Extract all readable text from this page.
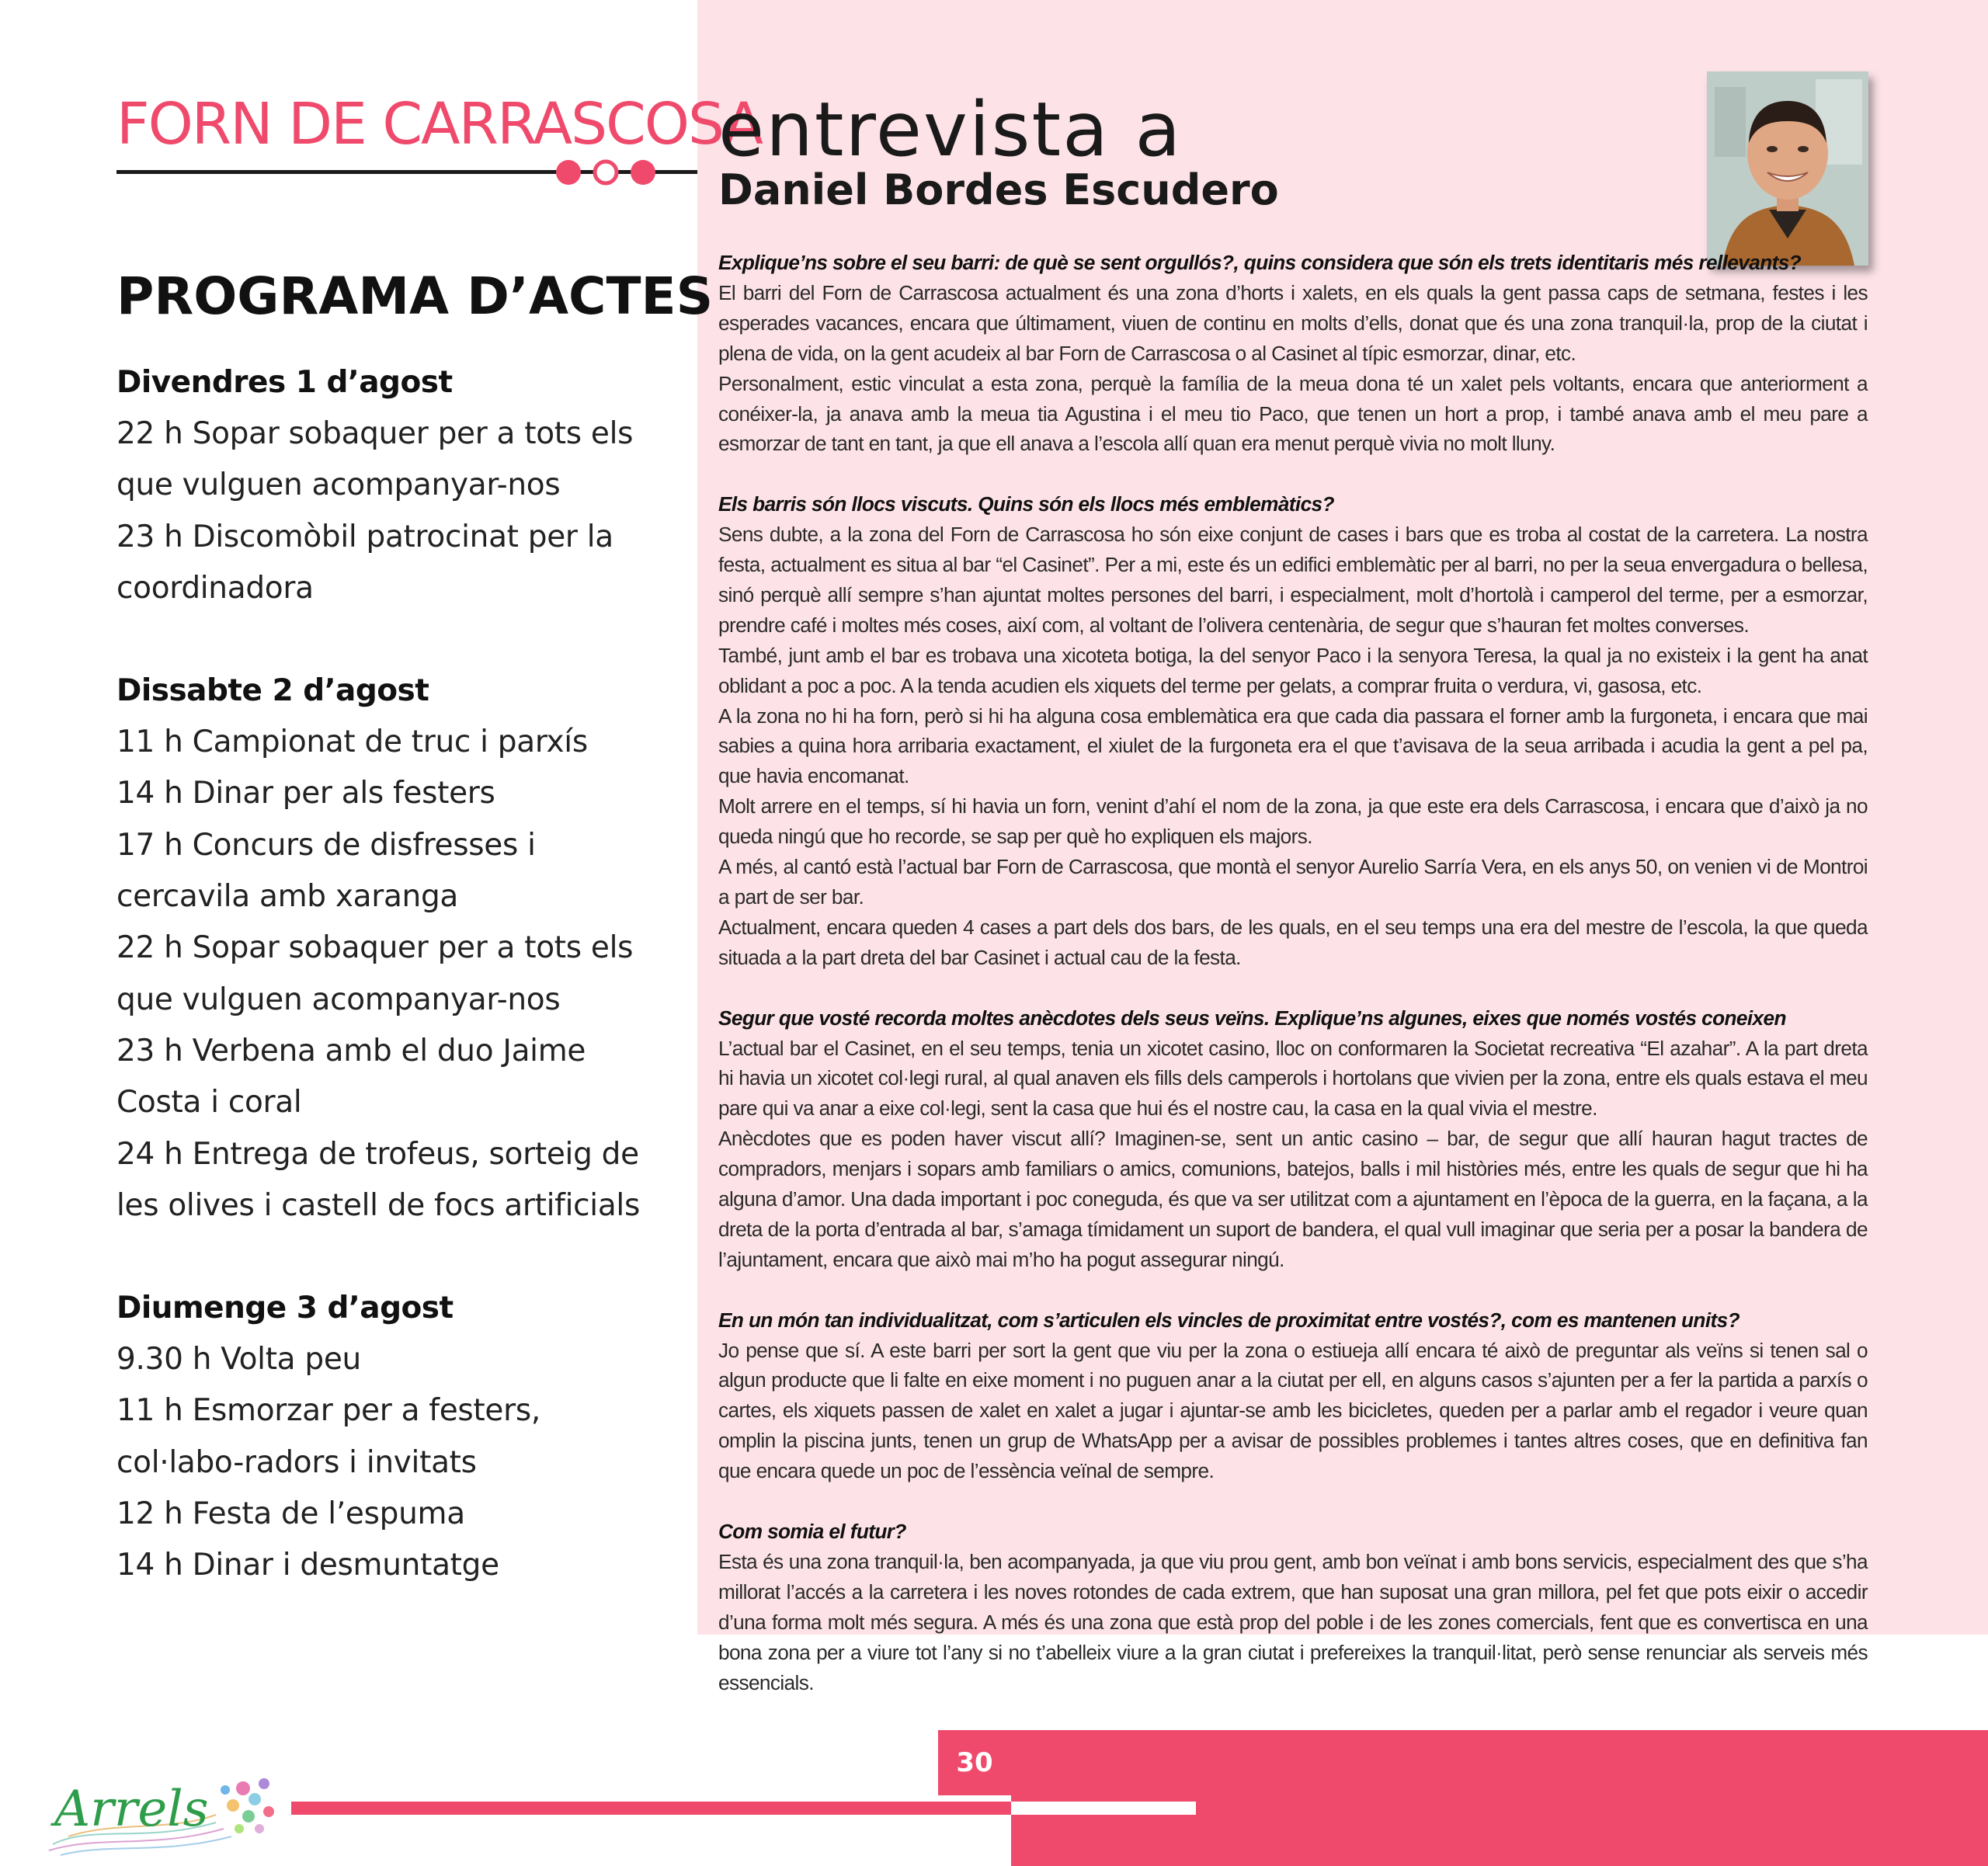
FORN DE CARRASCOSA
PROGRAMA D’ACTES
Divendres 1 d’agost
22 h Sopar sobaquer per a tots els que vulguen acompanyar-nos
23 h Discomòbil patrocinat per la coordinadora
Dissabte 2 d’agost
11 h Campionat de truc i parxís
14 h Dinar per als festers
17 h Concurs de disfresses i cercavila amb xaranga
22 h Sopar sobaquer per a tots els que vulguen acompanyar-nos
23 h Verbena amb el duo Jaime Costa i coral
24 h Entrega de trofeus, sorteig de les olives i castell de focs artificials
Diumenge 3 d’agost
9.30 h Volta peu
11 h Esmorzar per a festers, col·labo-radors i invitats
12 h Festa de l’espuma
14 h Dinar i desmuntatge
entrevista a
Daniel Bordes Escudero

Explique’ns sobre el seu barri: de què se sent orgullós?, quins considera que són els trets identitaris més rellevants?

El barri del Forn de Carrascosa actualment és una zona d’horts i xalets, en els quals la gent passa caps de setmana, festes i les esperades vacances, encara que últimament, viuen de continu en molts d’ells, donat que és una zona tranquil·la, prop de la ciutat i plena de vida, on la gent acudeix al bar Forn de Carrascosa o al Casinet al típic esmorzar, dinar, etc.

Personalment, estic vinculat a esta zona, perquè la família de la meua dona té un xalet pels voltants, encara que anteriorment a conéixer-la, ja anava amb la meua tia Agustina i el meu tio Paco, que tenen un hort a prop, i també anava amb el meu pare a esmorzar de tant en tant, ja que ell anava a l’escola allí quan era menut perquè vivia no molt lluny.

Els barris són llocs viscuts. Quins són els llocs més emblemàtics?

Sens dubte, a la zona del Forn de Carrascosa ho són eixe conjunt de cases i bars que es troba al costat de la carretera. La nostra festa, actualment es situa al bar “el Casinet”. Per a mi, este és un edifici emblemàtic per al barri, no per la seua envergadura o bellesa, sinó perquè allí sempre s’han ajuntat moltes persones del barri, i especialment, molt d’hortolà i camperol del terme, per a esmorzar, prendre café i moltes més coses, així com, al voltant de l’olivera centenària, de segur que s’hauran fet moltes converses.

També, junt amb el bar es trobava una xicoteta botiga, la del senyor Paco i la senyora Teresa, la qual ja no existeix i la gent ha anat oblidant a poc a poc. A la tenda acudien els xiquets del terme per gelats, a comprar fruita o verdura, vi, gasosa, etc.

A la zona no hi ha forn, però si hi ha alguna cosa emblemàtica era que cada dia passara el forner amb la furgoneta, i encara que mai sabies a quina hora arribaria exactament, el xiulet de la furgoneta era el que t’avisava de la seua arribada i acudia la gent a pel pa, que havia encomanat.

Molt arrere en el temps, sí hi havia un forn, venint d’ahí el nom de la zona, ja que este era dels Carrascosa, i encara que d’això ja no queda ningú que ho recorde, se sap per què ho expliquen els majors.

A més, al cantó està l’actual bar Forn de Carrascosa, que montà el senyor Aurelio Sarría Vera, en els anys 50, on venien vi de Montroi a part de ser bar.

Actualment, encara queden 4 cases a part dels dos bars, de les quals, en el seu temps una era del mestre de l’escola, la que queda situada a la part dreta del bar Casinet i actual cau de la festa.

Segur que vosté recorda moltes anècdotes dels seus veïns. Explique’ns algunes, eixes que només vostés coneixen

L’actual bar el Casinet, en el seu temps, tenia un xicotet casino, lloc on conformaren la Societat recreativa “El azahar”. A la part dreta hi havia un xicotet col·legi rural, al qual anaven els fills dels camperols i hortolans que vivien per la zona, entre els quals estava el meu pare qui va anar a eixe col·legi, sent la casa que hui és el nostre cau, la casa en la qual vivia el mestre.

Anècdotes que es poden haver viscut allí? Imaginen-se, sent un antic casino – bar, de segur que allí hauran hagut tractes de compradors, menjars i sopars amb familiars o amics, comunions, batejos, balls i mil històries més, entre les quals de segur que hi ha alguna d’amor. Una dada important i poc coneguda, és que va ser utilitzat com a ajuntament en l’època de la guerra, en la façana, a la dreta de la porta d’entrada al bar, s’amaga tímidament un suport de bandera, el qual vull imaginar que seria per a posar la bandera de l’ajuntament, encara que això mai m’ho ha pogut assegurar ningú.

En un món tan individualitzat, com s’articulen els vincles de proximitat entre vostés?, com es mantenen units?

Jo pense que sí. A este barri per sort la gent que viu per la zona o estiueja allí encara té això de preguntar als veïns si tenen sal o algun producte que li falte en eixe moment i no puguen anar a la ciutat per ell, en alguns casos s’ajunten per a fer la partida a parxís o cartes, els xiquets passen de xalet en xalet a jugar i ajuntar-se amb les bicicletes, queden per a parlar amb el regador i veure quan omplin la piscina junts, tenen un grup de WhatsApp per a avisar de possibles problemes i tantes altres coses, que en definitiva fan que encara quede un poc de l’essència veïnal de sempre.

Com somia el futur?

Esta és una zona tranquil·la, ben acompanyada, ja que viu prou gent, amb bon veïnat i amb bons servicis, especialment des que s’ha millorat l’accés a la carretera i les noves rotondes de cada extrem, que han suposat una gran millora, pel fet que pots eixir o accedir d’una forma molt més segura. A més és una zona que està prop del poble i de les zones comercials, fent que es convertisca en una bona zona per a viure tot l’any si no t’abelleix viure a la gran ciutat i prefereixes la tranquil·litat, però sense renunciar als serveis més essencials.

Arrels
30
